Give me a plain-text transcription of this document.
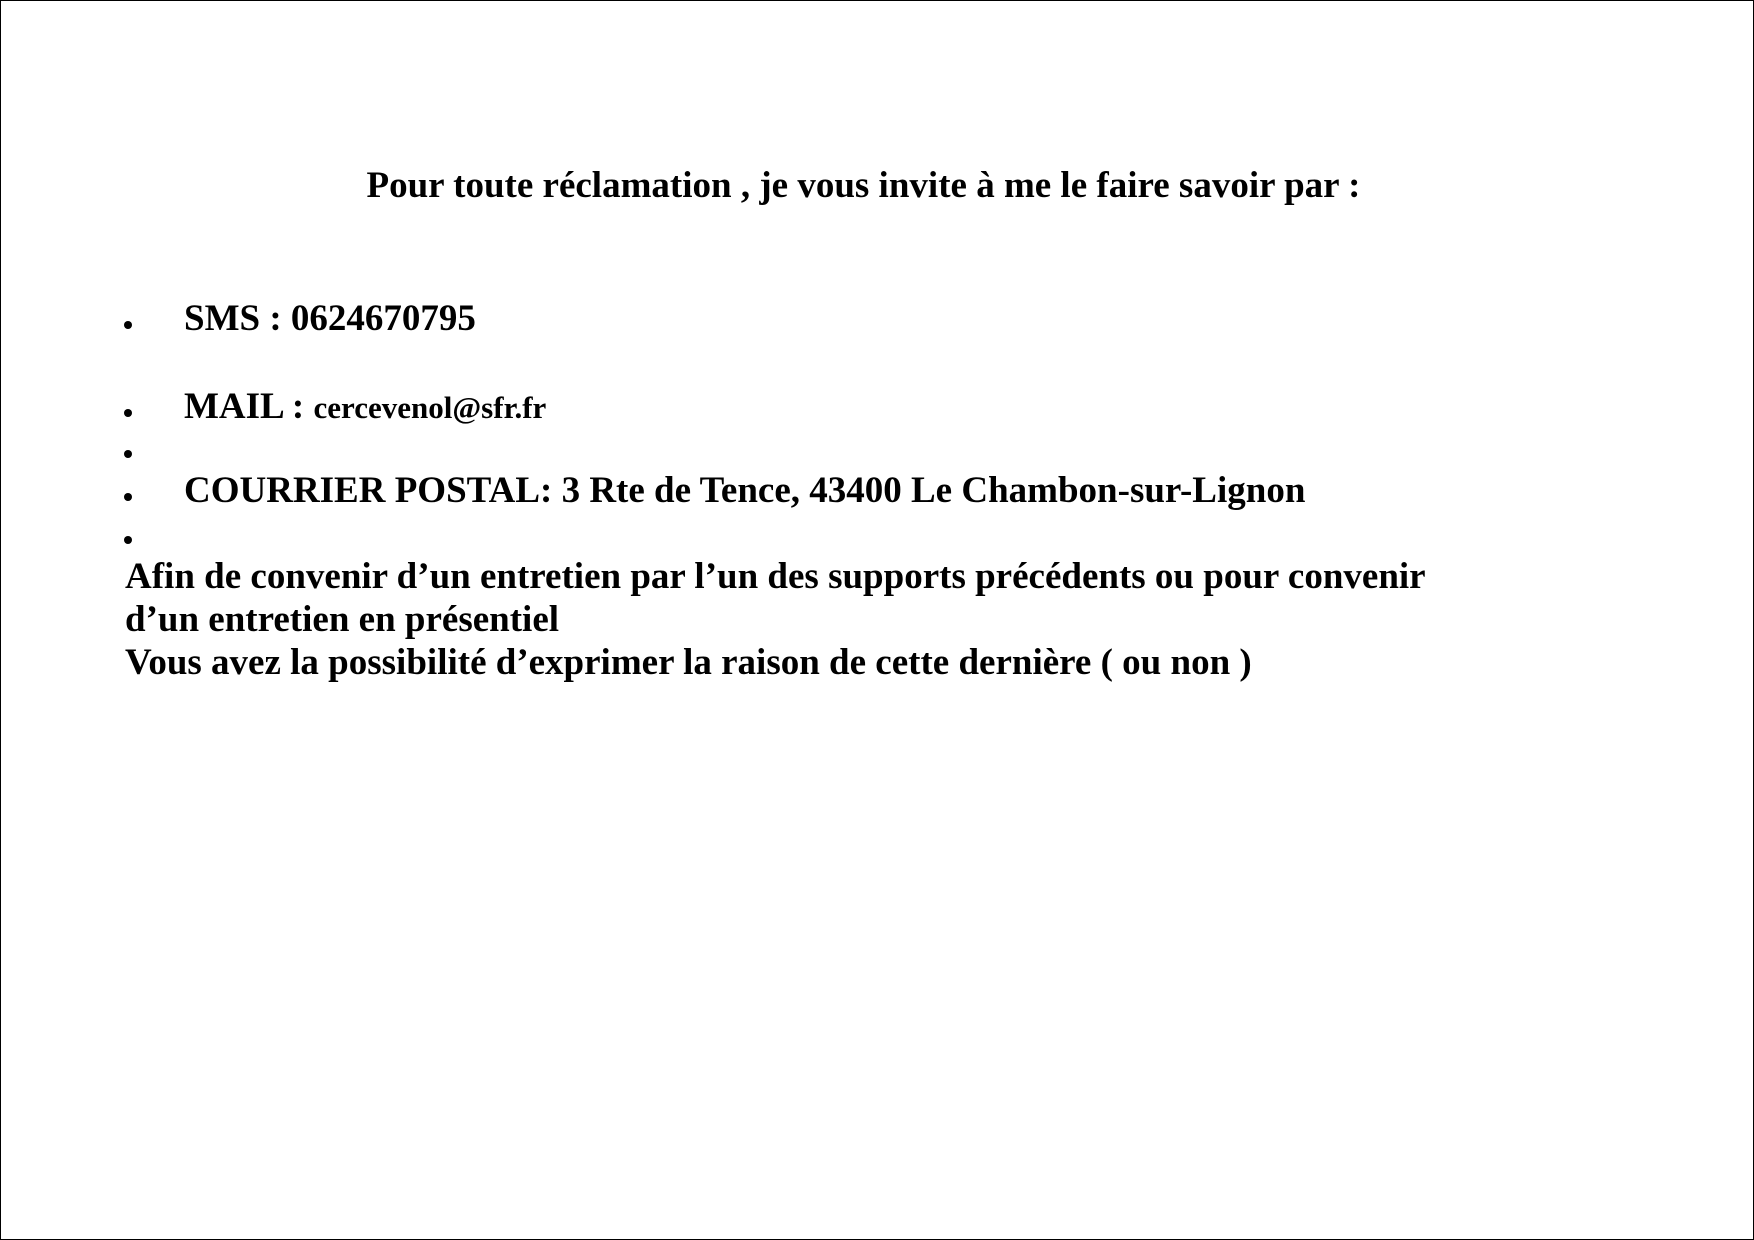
Pour toute réclamation , je vous invite à me le faire savoir par :
SMS : 0624670795
MAIL : cercevenol@sfr.fr
COURRIER POSTAL: 3 Rte de Tence, 43400 Le Chambon-sur-Lignon
Afin de convenir d’un entretien par l’un des supports précédents ou pour convenir
d’un entretien en présentiel
Vous avez la possibilité d’exprimer la raison de cette dernière ( ou non )
